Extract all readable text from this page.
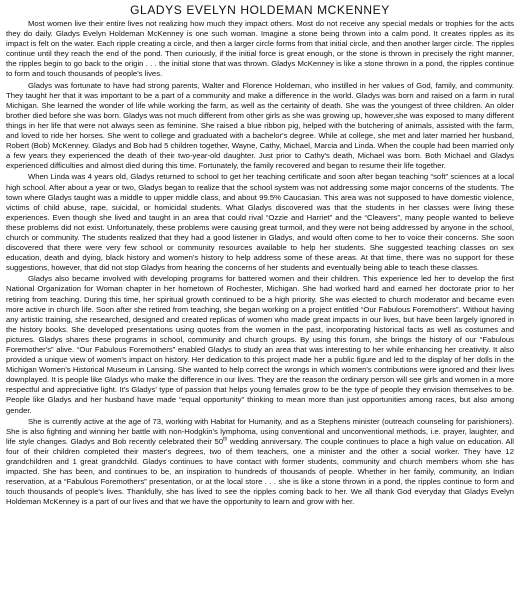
GLADYS EVELYN HOLDEMAN MCKENNEY

Most women live their entire lives not realizing how much they impact others. Most do not receive any special medals or trophies for the acts they do daily. Gladys Evelyn Holdeman McKenney is one such woman. Imagine a stone being thrown into a calm pond. It creates ripples as its impact is felt on the water. Each ripple creating a circle, and then a larger circle forms from that initial circle, and then another larger circle. The ripples continue until they reach the end of the pond. Then curiously, if the initial force is great enough, or the stone is thrown in precisely the right manner, the ripples begin to go back to the origin . . . the initial stone that was thrown. Gladys McKenney is like a stone thrown in a pond, the ripples continue to form and touch thousands of people's lives.

Gladys was fortunate to have had strong parents, Walter and Florence Holdeman, who instilled in her values of God, family, and community. They taught her that it was important to be a part of a community and make a difference in the world. Gladys was born and raised on a farm in rural Michigan. She learned the wonder of life while working the farm, as well as the certainty of death. She was the youngest of three children. An older brother died before she was born. Gladys was not much different from other girls as she was growing up, however,she was exposed to many different things in her life that were not always seen as feminine. She raised a blue ribbon pig, helped with the butchering of animals, assisted with the farm, and loved to ride her horses. She went to college and graduated with a bachelor's degree. While at college, she met and later married her husband, Robert (Bob) McKenney. Gladys and Bob had 5 children together, Wayne, Cathy, Michael, Marcia and Linda. When the couple had been married only a few years they experienced the death of their two-year-old daughter. Just prior to Cathy's death, Michael was born. Both Michael and Gladys experienced difficulties and almost died during this time. Fortunately, the family recovered and began to resume their life together.

When Linda was 4 years old, Gladys returned to school to get her teaching certificate and soon after began teaching “soft” sciences at a local high school. After about a year or two, Gladys began to realize that the school system was not addressing some major concerns of the students. The town where Gladys taught was a middle to upper middle class, and about 99.5% Caucasian. This area was not supposed to have domestic violence, victims of child abuse, rape, suicidal, or homicidal students. What Gladys discovered was that the students in her classes were living these experiences. Even though she lived and taught in an area that could rival “Ozzie and Harriet” and the “Cleavers”, many people wanted to believe these problems did not exist. Unfortunately, these problems were causing great turmoil, and they were not being addressed by anyone in the school, church or community. The students realized that they had a good listener in Gladys, and would often come to her to voice their concerns. She soon discovered that there were very few school or community resources available to help her students. She suggested teaching classes on sex education, death and dying, black history and women's history to help address some of these areas. At that time, there was no support for these suggestions, however, that did not stop Gladys from hearing the concerns of her students and eventually being able to teach these classes.

Gladys also became involved with developing programs for battered women and their children. This experience led her to develop the first National Organization for Woman chapter in her hometown of Rochester, Michigan. She had worked hard and earned her doctorate prior to her retiring from teaching. During this time, her spiritual growth continued to be a high priority. She was elected to church moderator and became even more active in church life. Soon after she retired from teaching, she began working on a project entitled “Our Fabulous Foremothers”. Without having any artistic training, she researched, designed and created replicas of women who made great impacts in our lives, but have been largely ignored in the history books. She developed presentations using quotes from the women in the past, incorporating historical facts as well as costumes and pictures. Gladys shares these programs in school, community and church groups. By using this forum, she brings the history of our “Fabulous Foremother's” alive. “Our Fabulous Foremothers” enabled Gladys to study an area that was interesting to her while enhancing her creativity. It also provided a unique view of women's impact on history. Her dedication to this project made her a public figure and led to the display of her dolls in the Michigan Women's Historical Museum in Lansing. She wanted to help correct the wrongs in which women's contributions were ignored and their lives downplayed. It is people like Gladys who make the difference in our lives. They are the reason the ordinary person will see girls and women in a more respectful and appreciative light. It's Gladys' type of passion that helps young females grow to be the type of people they envision themselves to be. People like Gladys and her husband have made “equal opportunity” thinking to mean more than just opportunities among races, but also among gender.

She is currently active at the age of 73, working with Habitat for Humanity, and as a Stephens minister (outreach counseling for parishioners). She is also fighting and winning her battle with non-Hodgkin's lymphoma, using conventional and unconventional methods, i.e. prayer, laughter, and life style changes. Gladys and Bob recently celebrated their 50th wedding anniversary. The couple continues to place a high value on education. All four of their children completed their master's degrees, two of them teachers, one a minister and the other a social worker. They have 12 grandchildren and 1 great grandchild. Gladys continues to have contact with former students, community and church members whom she has impacted. She has been, and continues to be, an inspiration to hundreds of thousands of people. Whether in her family, community, an Indian reservation, at a “Fabulous Foremothers” presentation, or at the local store . . . she is like a stone thrown in a pond, the ripples continue to form and touch thousands of people's lives. Thankfully, she has lived to see the ripples coming back to her. We all thank God everyday that Gladys Evelyn Holdeman McKenney is a part of our lives and that we have the opportunity to learn and grow with her.
